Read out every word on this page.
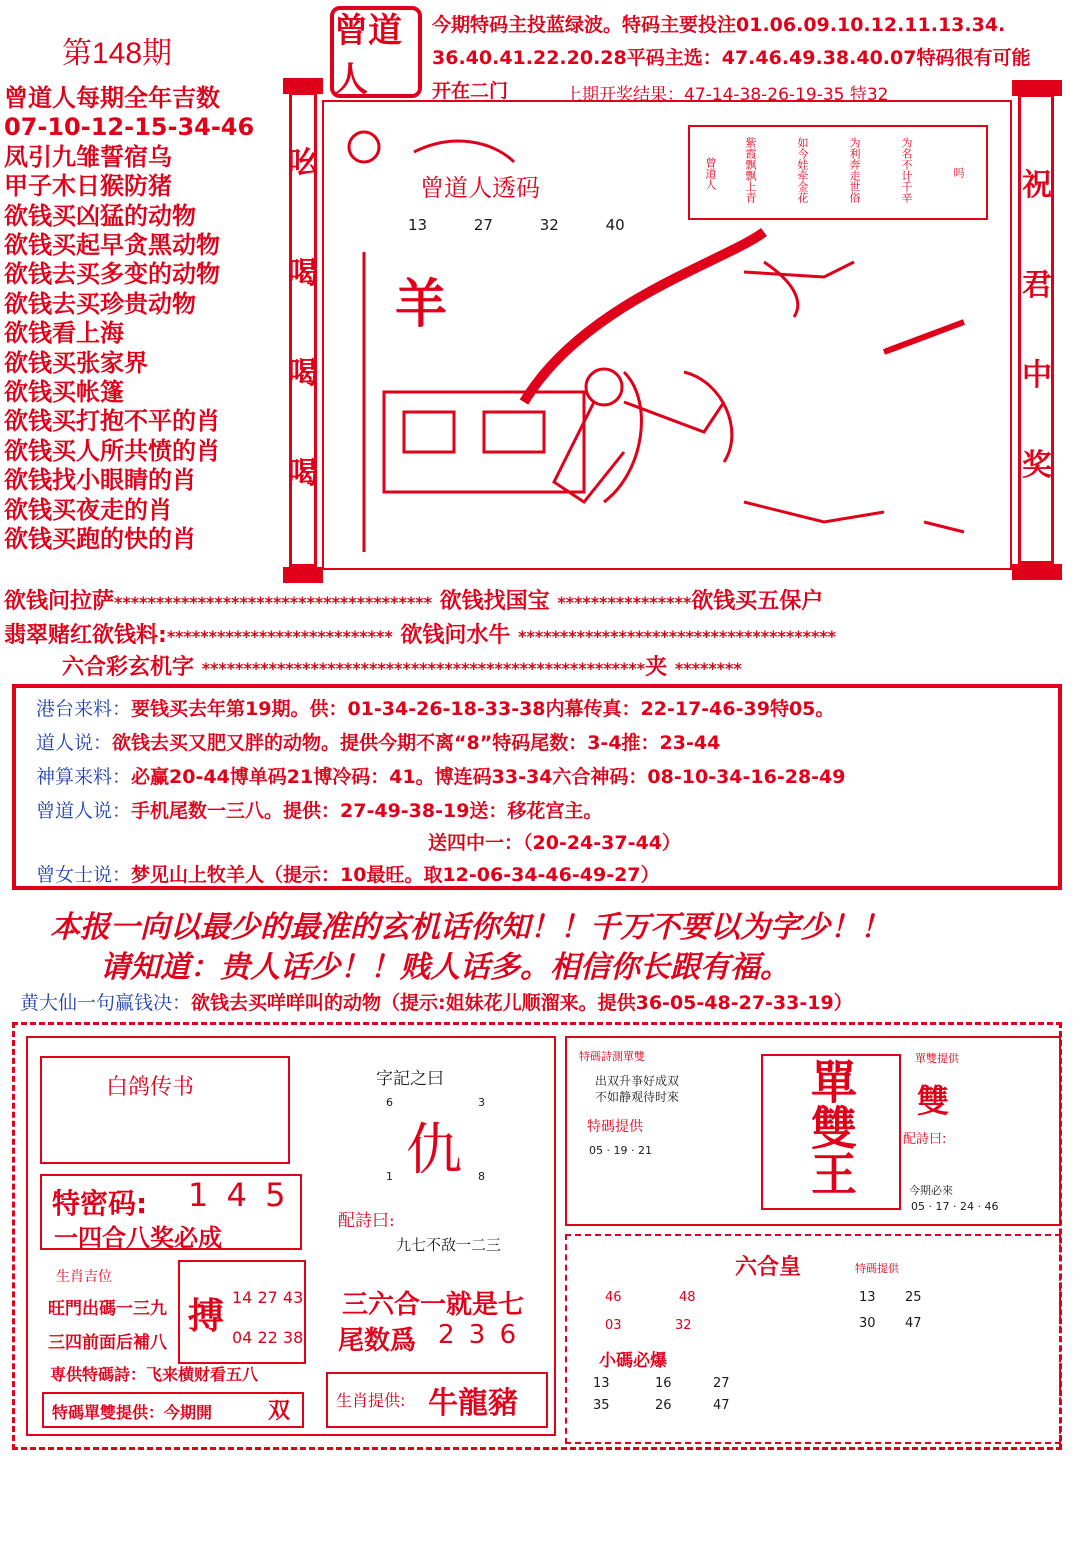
第148期
曾道人
今期特码主投蓝绿波。特码主要投注01.06.09.10.12.11.13.34.
36.40.41.22.20.28平码主选：47.46.49.38.40.07特码很有可能
开在二门	上期开奖结果：47-14-38-26-19-35 特32
曾道人每期全年吉数
07-10-12-15-34-46
凤引九雏誓宿乌
甲子木日猴防猪
欲钱买凶猛的动物
欲钱买起早贪黑动物
欲钱去买多变的动物
欲钱去买珍贵动物
欲钱看上海
欲钱买张家界
欲钱买帐篷
欲钱买打抱不平的肖
欲钱买人所共愤的肖
欲钱找小眼睛的肖
欲钱买夜走的肖
欲钱买跑的快的肖
吆
喝
喝
喝
曾道人透码
13 27 32 40
羊
吗
为名不计千辛
为利奔走世俗
如今娃牵金花
紫霞飘飘上青
曾道人	祝
君
中
奖
欲钱问拉萨************************************** 欲钱找国宝 ****************欲钱买五保户
翡翠赌红欲钱料:*************************** 欲钱问水牛 **************************************
六合彩玄机字 *****************************************************夹 ********
港台来料：要钱买去年第19期。供：01-34-26-18-33-38内幕传真：22-17-46-39特05。
道人说：欲钱去买又肥又胖的动物。提供今期不离“8”特码尾数：3-4推：23-44
神算来料：必赢20-44博单码21博冷码：41。博连码33-34六合神码：08-10-34-16-28-49
曾道人说：手机尾数一三八。提供：27-49-38-19送：移花宫主。
送四中一：（20-24-37-44）
曾女士说：梦见山上牧羊人（提示：10最旺。取12-06-34-46-49-27）
本报一向以最少的最准的玄机话你知！！千万不要以为字少！！
请知道：贵人话少！！贱人话多。相信你长跟有福。
黄大仙一句赢钱决：欲钱去买咩咩叫的动物（提示:姐妹花儿顺溜来。提供36-05-48-27-33-19）
白鸽传书
特密码: 1 4 5
一四合八奖必成
生肖吉位
旺門出碼一三九
三四前面后補八
搏 14 27 43
04 22 38
専供特碼詩：飞来横财看五八
特碼單雙提供：今期開	双
字記之曰
6	3
仇
1	8
配詩曰:
九七不敌一二三
三六合一就是七
尾数爲 2 3 6
生肖提供: 牛龍豬
特碼詩測單雙
出双升亊好成双
不如静观待时來
特碼提供
05 · 19 · 21	單雙王	單雙提供
雙
配詩曰:
今期必來
05 · 17 · 24 · 46
六合皇
46	48
03	32
特碼提供
13 25
30 47
小碼必爆
13	16	27
35	26	47
